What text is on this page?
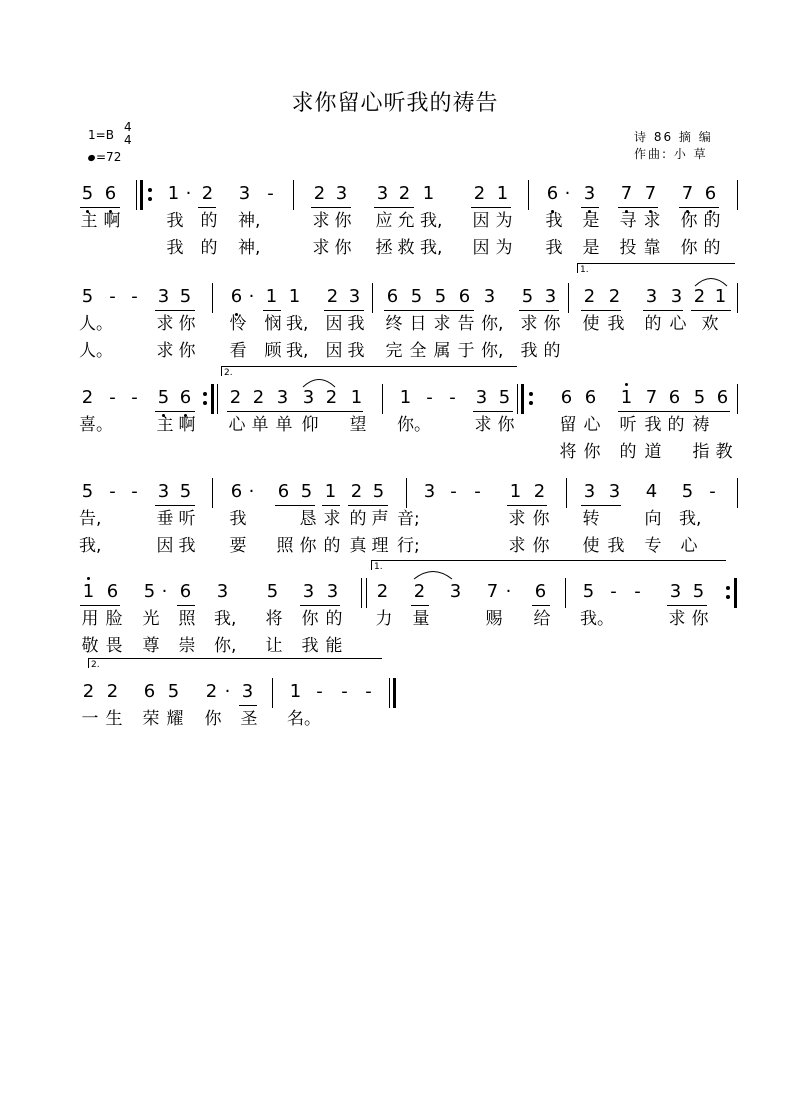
求你留心听我的祷告
1=B
4
4
=72
诗 86 摘 编
作曲: 小 草
5 6	1 · 2 3 - 2 3 3 2 1 2 1 6 · 3 7 7 7 6
主 啊	我 的 神,	求 你 应 允 我, 因 为 我 是 寻 求 你 的
我 的 神,	求 你 拯 救 我, 因 为 我 是 投 靠 你 的
1.
5 - - 3 5 6 · 1 1 2 3 6 5 5 6 3 5 3 2 2 3 3 2 1
人。	求 你 怜 悯 我, 因 我 终 日 求 告 你, 求 你 使 我 的 心 欢
人。	求 你 看 顾 我, 因 我 完 全 属 于 你, 我 的
2.
2 - - 5 6 2 2 3 3 2 1 1 - - 3 5	6 6 1 7 6 5 6
喜。	主 啊 心 单 单 仰 望 你。	求 你	留 心 听 我 的 祷
将 你 的 道 指 教
5 - - 3 5 6 · 6 5 1 2 5 3 - - 1 2 3 3 4 5 -
告,	垂 听 我	恳 求 的 声 音;	求 你 转	向 我,
我,	因 我 要 照 你 的 真 理 行;	求 你 使 我 专 心
1.
1 6 5 · 6 3 5 3 3 2 2 3 7 · 6 5 - - 3 5
用 脸 光 照 我, 将 你 的 力 量	赐 给 我。	求 你
敬 畏 尊 崇 你, 让 我 能
2.
2 2 6 5 2 · 3 1 - - -
一 生 荣 耀 你 圣 名。
